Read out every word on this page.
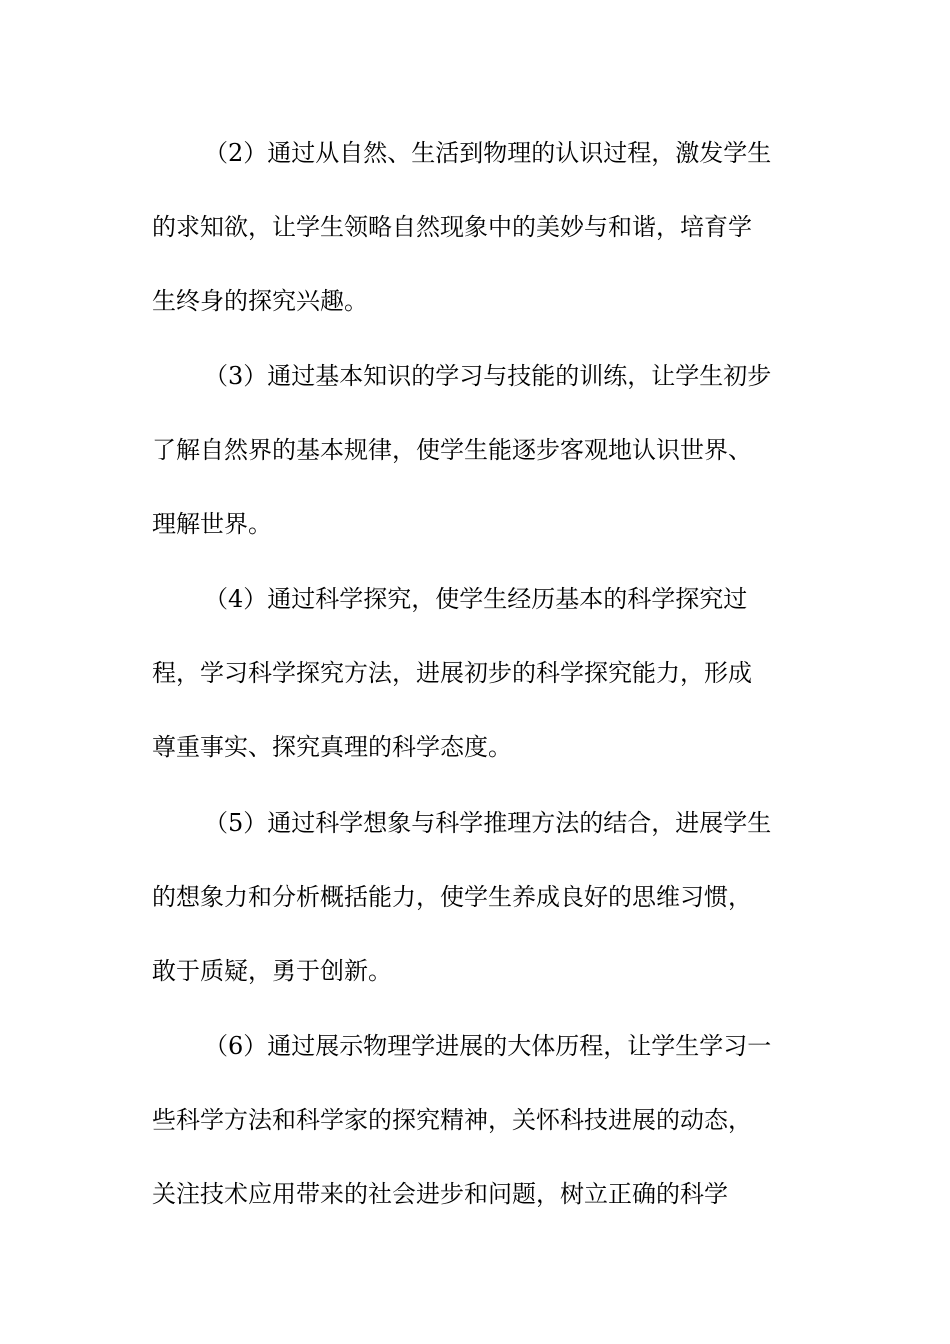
（2）通过从自然、生活到物理的认识过程，激发学生
的求知欲，让学生领略自然现象中的美妙与和谐，培育学
生终身的探究兴趣。

（3）通过基本知识的学习与技能的训练，让学生初步
了解自然界的基本规律，使学生能逐步客观地认识世界、
理解世界。

（4）通过科学探究，使学生经历基本的科学探究过
程，学习科学探究方法，进展初步的科学探究能力，形成
尊重事实、探究真理的科学态度。

（5）通过科学想象与科学推理方法的结合，进展学生
的想象力和分析概括能力，使学生养成良好的思维习惯，
敢于质疑，勇于创新。

（6）通过展示物理学进展的大体历程，让学生学习一
些科学方法和科学家的探究精神，关怀科技进展的动态，
关注技术应用带来的社会进步和问题，树立正确的科学
